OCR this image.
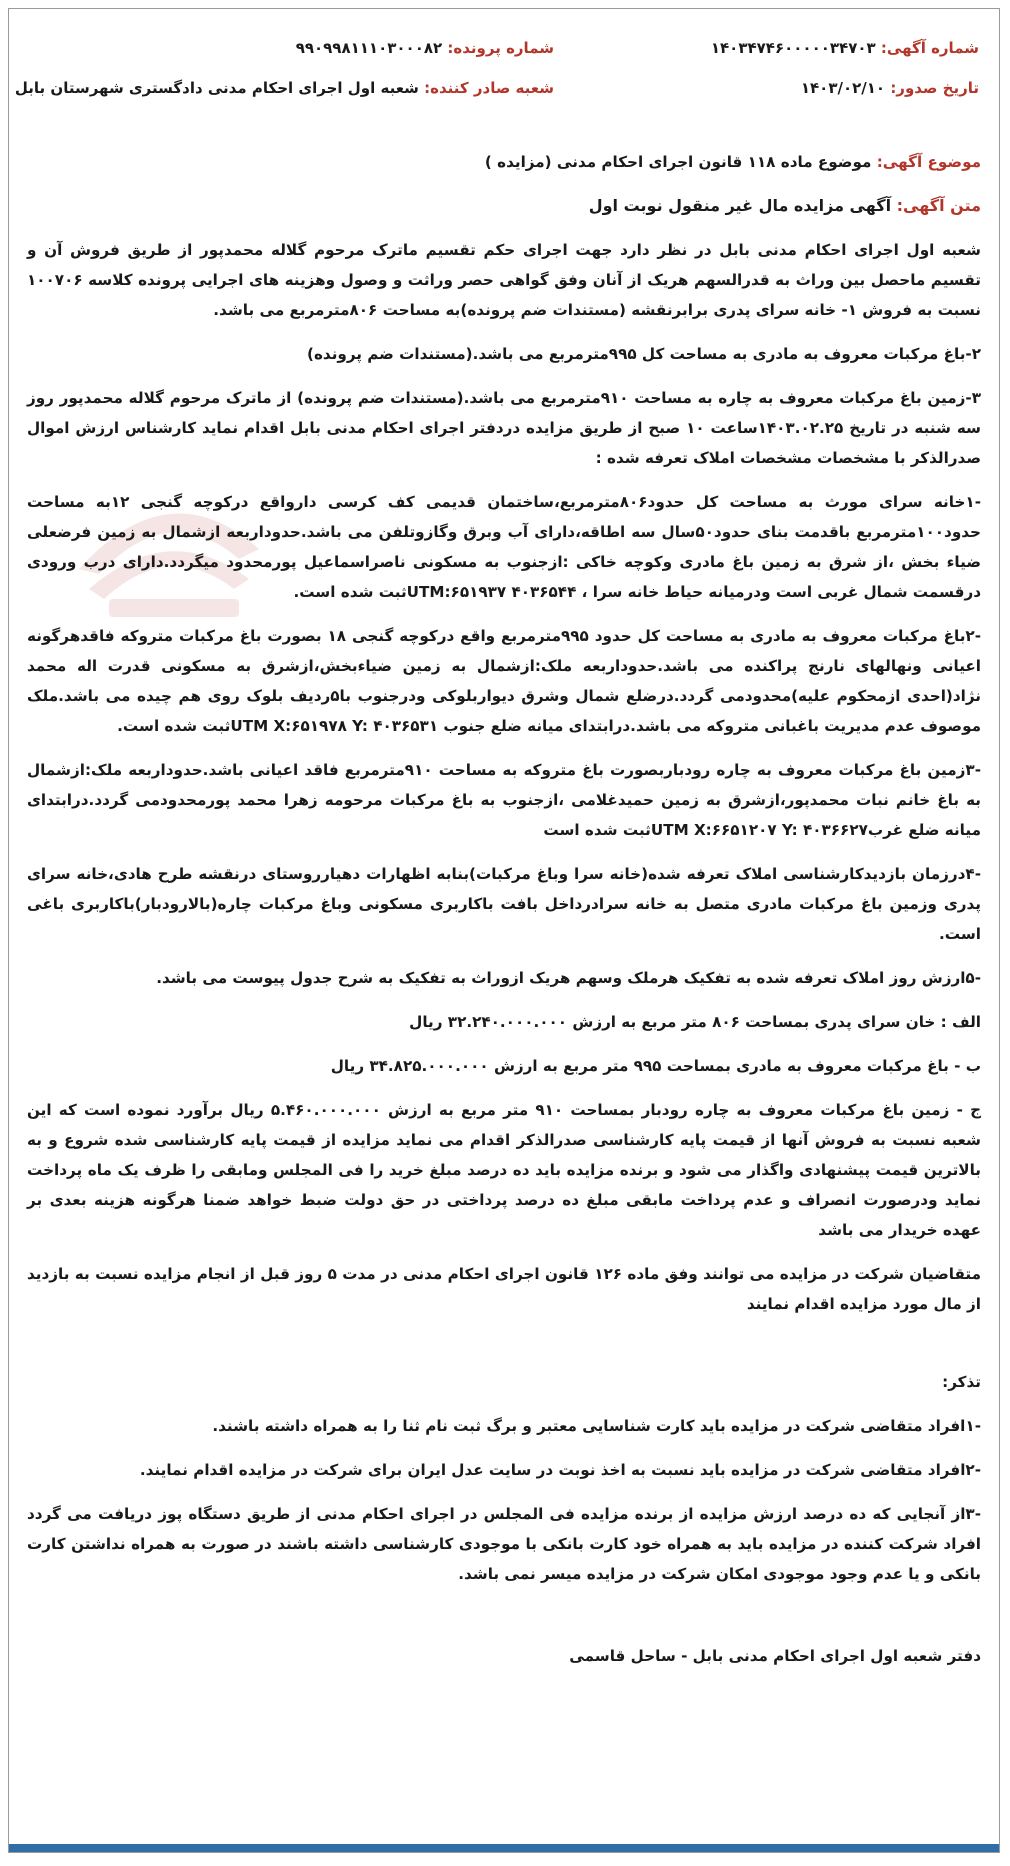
شماره آگهی: ۱۴۰۳۴۷۴۶۰۰۰۰۰۳۴۷۰۳
شماره پرونده: ۹۹۰۹۹۸۱۱۱۰۳۰۰۰۸۲
تاریخ صدور: ۱۴۰۳/۰۲/۱۰
شعبه صادر کننده: شعبه اول اجرای احکام مدنی دادگستری شهرستان بابل
موضوع آگهی: موضوع ماده ۱۱۸ قانون اجرای احکام مدنی (مزایده )
متن آگهی: آگهی مزایده مال غیر منقول نوبت اول

شعبه اول اجرای احکام مدنی بابل در نظر دارد جهت اجرای حکم تقسیم ماترک مرحوم گلاله محمدپور از طریق فروش آن و تقسیم ماحصل بین وراث به قدرالسهم هریک از آنان وفق گواهی حصر وراثت و وصول وهزینه های اجرایی پرونده کلاسه ۱۰۰۷۰۶ نسبت به فروش ۱- خانه سرای پدری برابرنقشه (مستندات ضم پرونده)به مساحت ۸۰۶مترمربع می باشد.

۲-باغ مرکبات معروف به مادری به مساحت کل ۹۹۵مترمربع می باشد.(مستندات ضم پرونده)

۳-زمین باغ مرکبات معروف به چاره به مساحت ۹۱۰مترمربع می باشد.(مستندات ضم پرونده) از ماترک مرحوم گلاله محمدپور روز سه شنبه در تاریخ ۱۴۰۳.۰۲.۲۵ساعت ۱۰ صبح از طریق مزایده دردفتر اجرای احکام مدنی بابل اقدام نماید کارشناس ارزش اموال صدرالذکر با مشخصات مشخصات املاک تعرفه شده :

-۱خانه سرای مورث به مساحت کل حدود۸۰۶مترمربع،ساختمان قدیمی کف کرسی دارواقع درکوچه گنجی ۱۲به مساحت حدود۱۰۰مترمربع باقدمت بنای حدود۵۰سال سه اطاقه،دارای آب وبرق وگازوتلفن می باشد.حدوداربعه ازشمال به زمین فرضعلی ضیاء بخش ،از شرق به زمین باغ مادری وکوچه خاکی :ازجنوب به مسکونی ناصراسماعیل پورمحدود میگردد.دارای درب ورودی درقسمت شمال غربی است ودرمیانه حیاط خانه سرا ، UTM:۶۵۱۹۳۷ ۴۰۳۶۵۴۴ثبت شده است.

-۲باغ مرکبات معروف به مادری به مساحت کل حدود ۹۹۵مترمربع واقع درکوچه گنجی ۱۸ بصورت باغ مرکبات متروکه فاقدهرگونه اعیانی ونهالهای نارنج پراکنده می باشد.حدوداربعه ملک:ازشمال به زمین ضیاءبخش،ازشرق به مسکونی قدرت اله محمد نژاد(احدی ازمحکوم علیه)محدودمی گردد.درضلع شمال وشرق دیواربلوکی ودرجنوب با۵ردیف بلوک روی هم چیده می باشد.ملک موصوف عدم مدیریت باغبانی متروکه می باشد.درابتدای میانه ضلع جنوب UTM X:۶۵۱۹۷۸ Y: ۴۰۳۶۵۳۱ثبت شده است.

-۳زمین باغ مرکبات معروف به چاره رودباربصورت باغ متروکه به مساحت ۹۱۰مترمربع فاقد اعیانی باشد.حدوداربعه ملک:ازشمال به باغ خانم نبات محمدپور،ازشرق به زمین حمیدغلامی ،ازجنوب به باغ مرکبات مرحومه زهرا محمد پورمحدودمی گردد.درابتدای میانه ضلع غربUTM X:۶۶۵۱۲۰۷ Y: ۴۰۳۶۶۲۷ثبت شده است

-۴درزمان بازدیدکارشناسی املاک تعرفه شده(خانه سرا وباغ مرکبات)بنابه اظهارات دهیارروستای درنقشه طرح هادی،خانه سرای پدری وزمین باغ مرکبات مادری متصل به خانه سرادرداخل بافت باکاربری مسکونی وباغ مرکبات چاره(بالارودبار)باکاربری باغی است.

-۵ارزش روز املاک تعرفه شده به تفکیک هرملک وسهم هریک ازوراث به تفکیک به شرح جدول پیوست می باشد.

الف : خان سرای پدری بمساحت ۸۰۶ متر مربع به ارزش ۳۲.۲۴۰.۰۰۰.۰۰۰ ریال

ب - باغ مرکبات معروف به مادری بمساحت ۹۹۵ متر مربع به ارزش ۳۴.۸۲۵.۰۰۰.۰۰۰ ریال

ج - زمین باغ مرکبات معروف به چاره رودبار بمساحت ۹۱۰ متر مربع به ارزش ۵.۴۶۰.۰۰۰.۰۰۰ ریال برآورد نموده است که این شعبه نسبت به فروش آنها از قیمت پایه کارشناسی صدرالذکر اقدام می نماید مزایده از قیمت پایه کارشناسی شده شروع و به بالاترین قیمت پیشنهادی واگذار می شود و برنده مزایده باید ده درصد مبلغ خرید را فی المجلس ومابقی را ظرف یک ماه پرداخت نماید ودرصورت انصراف و عدم پرداخت مابقی مبلغ ده درصد پرداختی در حق دولت ضبط خواهد ضمنا هرگونه هزینه بعدی بر عهده خریدار می باشد

متقاضیان شرکت در مزایده می توانند وفق ماده ۱۲۶ قانون اجرای احکام مدنی در مدت ۵ روز قبل از انجام مزایده نسبت به بازدید از مال مورد مزایده اقدام نمایند

تذکر:

-۱افراد متقاضی شرکت در مزایده باید کارت شناسایی معتبر و برگ ثبت نام ثنا را به همراه داشته باشند.

-۲افراد متقاضی شرکت در مزایده باید نسبت به اخذ نوبت در سایت عدل ایران برای شرکت در مزایده اقدام نمایند.

-۳از آنجایی که ده درصد ارزش مزایده از برنده مزایده فی المجلس در اجرای احکام مدنی از طریق دستگاه پوز دریافت می گردد افراد شرکت کننده در مزایده باید به همراه خود کارت بانکی با موجودی کارشناسی داشته باشند در صورت به همراه نداشتن کارت بانکی و یا عدم وجود موجودی امکان شرکت در مزایده میسر نمی باشد.

دفتر شعبه اول اجرای احکام مدنی بابل - ساحل قاسمی
